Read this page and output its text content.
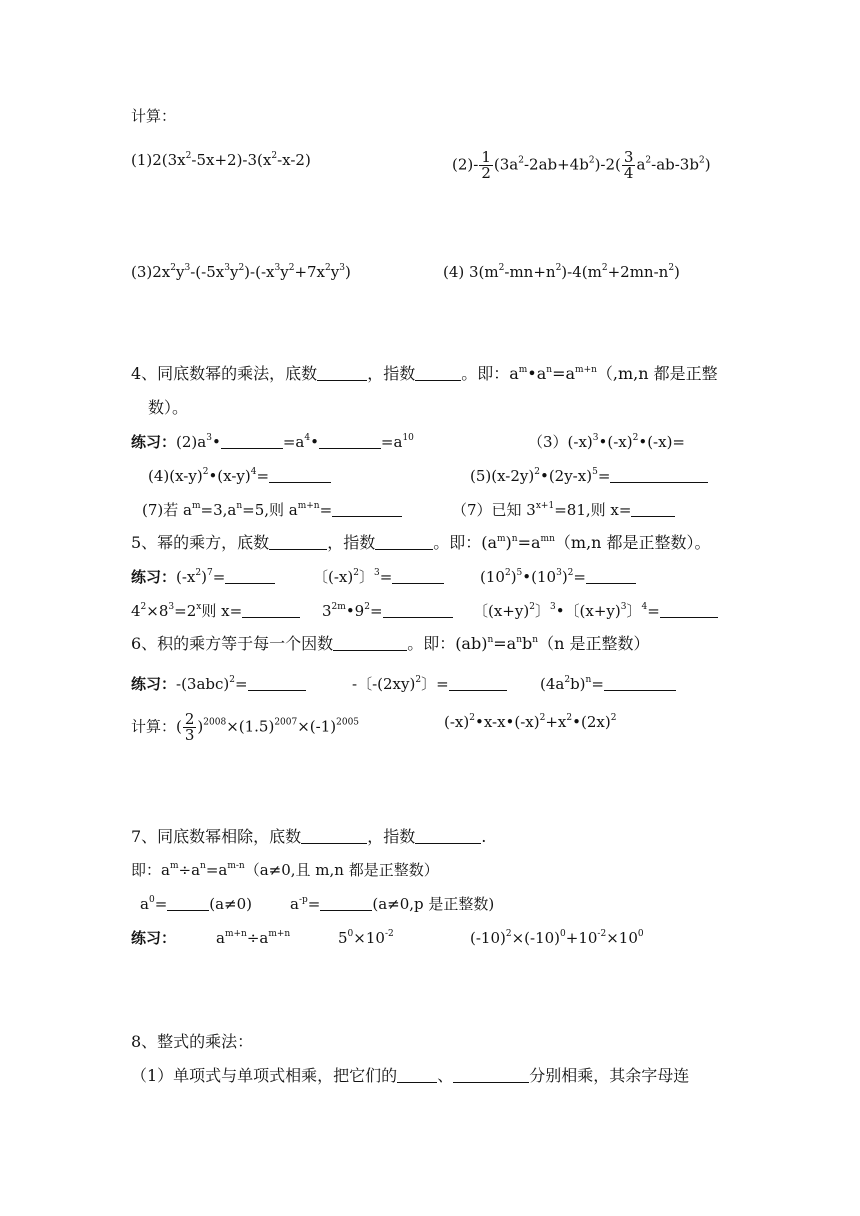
计算：
$(1)2(3x^2-5x+2)-3(x^2-x-2)$	$(2)- \frac{1}{2} (3a^2-2ab+4b^2)-2( \frac{3}{4} a^2-ab-3b^2)$
$(3)2x^2y^3-(-5x^3y^2)-(-x^3y^2+7x^2y^3)$	(4) $3(m^2-mn+n^2)-4(m^2+2mn-n^2)$
4、同底数幂的乘法，底数	，指数	。即：$a^m•a^n=a^{m+n}(,m,n$ 都是正整
数）。
练习：$(2)a^3•$	$=a^4•$	$=a^{10}$	$(3)(-x)^3•(-x)^2•(-x)=$
$(4)(x-y)^2•(x-y)^4=$	$(5)(x-2y)^2•(2y-x)^5=$
(7)若 $a^m=3,a^n=5$,则 $a^{m+n}=$	（7）已知 $3^{x+1}=81$,则 x=
5、幂的乘方，底数	，指数	。即：$(a^m)^n=a^{mn}(m,n$ 都是正整数）。
练习：$(-x^2)^7=$	〔$(-x)^2$〕$^3$=	$(10^2)^5•(10^3)^2=$
$4^2\times 8^3=2^x$则 x=	$3^{2m}•9^2=$	〔$(x+y)^2$〕$^3$•〔$(x+y)^3$〕$^4$=
6、积的乘方等于每一个因数	。即：$(ab)^n=a^nb^n(n$ 是正整数）
练习：$-(3abc)^2=$	-〔$-(2xy)^2$〕=	$(4a^2b)^n=$
计算：( $\frac{2}{3} )^{2008}\times(1.5)^{2007}\times(-1)^{2005}$	$(-x)^2•x-x•(-x)^2+x^2•(2x)^2$
7、同底数幂相除，底数	，指数	.
即：$a^m\div a^n=a^{m-n}(a\ne 0$,且 m,n 都是正整数）
$a^0=$	(a≠0)	$a^{-p}=$	(a≠0,p 是正整数)
练习：	$a^{m+n}\div a^{m+n}$	$5^0\times 10^{-2}$	$(-10)^2\times(-10)^0+10^{-2}\times 10^0$
8、整式的乘法：
（1）单项式与单项式相乘，把它们的	、	分别相乘，其余字母连
